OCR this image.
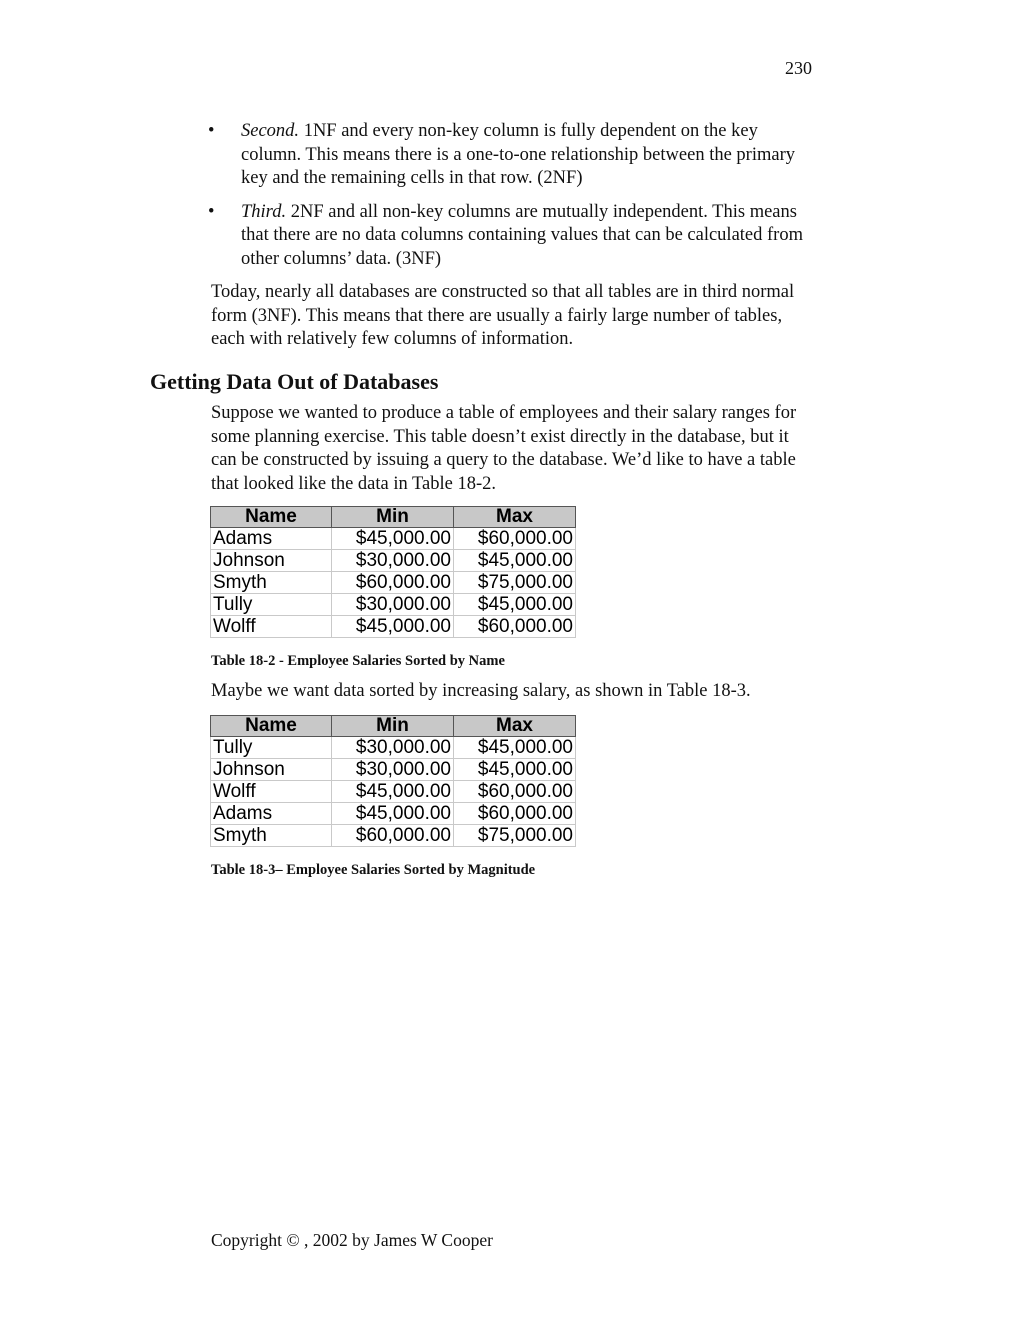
230
• Second. 1NF and every non-key column is fully dependent on the key column. This means there is a one-to-one relationship between the primary key and the remaining cells in that row. (2NF)
• Third. 2NF and all non-key columns are mutually independent. This means that there are no data columns containing values that can be calculated from other columns’ data. (3NF)

Today, nearly all databases are constructed so that all tables are in third normal form (3NF). This means that there are usually a fairly large number of tables, each with relatively few columns of information.

Getting Data Out of Databases

Suppose we wanted to produce a table of employees and their salary ranges for some planning exercise. This table doesn’t exist directly in the database, but it can be constructed by issuing a query to the database. We’d like to have a table that looked like the data in Table 18-2.

Name	Min	Max
Adams	$45,000.00	$60,000.00
Johnson	$30,000.00	$45,000.00
Smyth	$60,000.00	$75,000.00
Tully	$30,000.00	$45,000.00
Wolff	$45,000.00	$60,000.00

Table 18-2 - Employee Salaries Sorted by Name

Maybe we want data sorted by increasing salary, as shown in Table 18-3.

Name	Min	Max
Tully	$30,000.00	$45,000.00
Johnson	$30,000.00	$45,000.00
Wolff	$45,000.00	$60,000.00
Adams	$45,000.00	$60,000.00
Smyth	$60,000.00	$75,000.00

Table 18-3– Employee Salaries Sorted by Magnitude

Copyright © , 2002 by James W Cooper
